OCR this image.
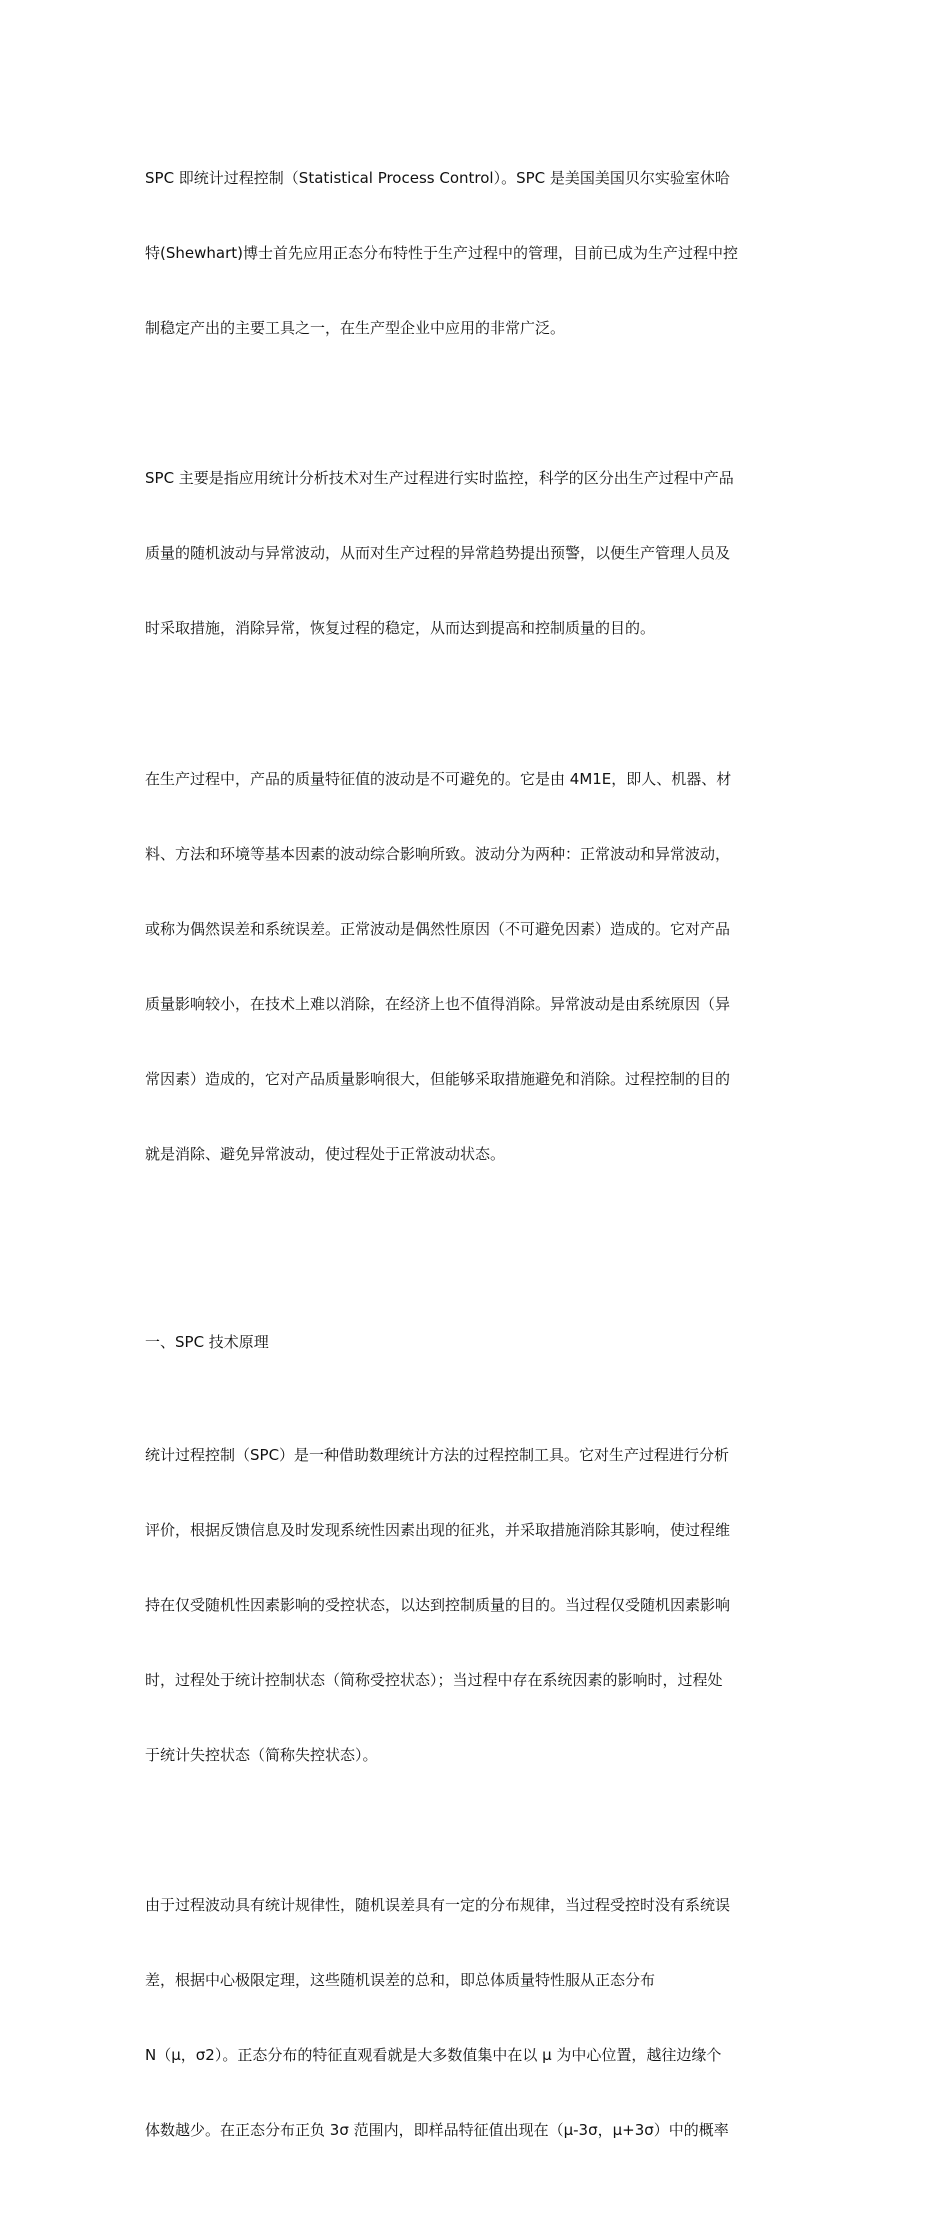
SPC 即统计过程控制（Statistical Process Control）。SPC 是美国美国贝尔实验室休哈

特(Shewhart)博士首先应用正态分布特性于生产过程中的管理，目前已成为生产过程中控

制稳定产出的主要工具之一，在生产型企业中应用的非常广泛。

SPC 主要是指应用统计分析技术对生产过程进行实时监控，科学的区分出生产过程中产品

质量的随机波动与异常波动，从而对生产过程的异常趋势提出预警，以便生产管理人员及

时采取措施，消除异常，恢复过程的稳定，从而达到提高和控制质量的目的。

在生产过程中，产品的质量特征值的波动是不可避免的。它是由 4M1E，即人、机器、材

料、方法和环境等基本因素的波动综合影响所致。波动分为两种：正常波动和异常波动，

或称为偶然误差和系统误差。正常波动是偶然性原因（不可避免因素）造成的。它对产品

质量影响较小，在技术上难以消除，在经济上也不值得消除。异常波动是由系统原因（异

常因素）造成的，它对产品质量影响很大，但能够采取措施避免和消除。过程控制的目的

就是消除、避免异常波动，使过程处于正常波动状态。

一、SPC 技术原理

统计过程控制（SPC）是一种借助数理统计方法的过程控制工具。它对生产过程进行分析

评价，根据反馈信息及时发现系统性因素出现的征兆，并采取措施消除其影响，使过程维

持在仅受随机性因素影响的受控状态，以达到控制质量的目的。当过程仅受随机因素影响

时，过程处于统计控制状态（简称受控状态）；当过程中存在系统因素的影响时，过程处

于统计失控状态（简称失控状态）。

由于过程波动具有统计规律性，随机误差具有一定的分布规律，当过程受控时没有系统误

差，根据中心极限定理，这些随机误差的总和，即总体质量特性服从正态分布

N（μ，σ2）。正态分布的特征直观看就是大多数值集中在以 μ 为中心位置，越往边缘个

体数越少。在正态分布正负 3σ 范围内，即样品特征值出现在（μ-3σ，μ+3σ）中的概率
